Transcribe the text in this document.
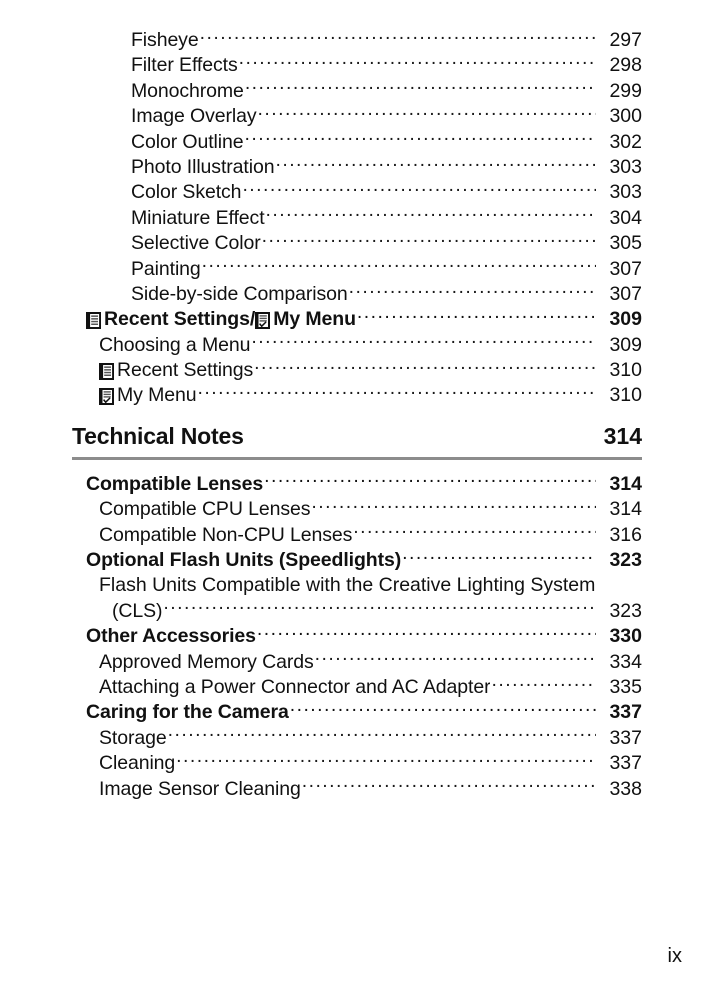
Fisheye .....	297
Filter Effects .....	298
Monochrome .....	299
Image Overlay .....	300
Color Outline .....	302
Photo Illustration .....	303
Color Sketch .....	303
Miniature Effect .....	304
Selective Color .....	305
Painting .....	307
Side-by-side Comparison .....	307
Recent Settings/ My Menu .....	309
Choosing a Menu .....	309
Recent Settings .....	310
My Menu .....	310
Technical Notes	314
Compatible Lenses .....	314
Compatible CPU Lenses .....	314
Compatible Non-CPU Lenses .....	316
Optional Flash Units (Speedlights) .....	323
Flash Units Compatible with the Creative Lighting System
(CLS) .....	323
Other Accessories .....	330
Approved Memory Cards .....	334
Attaching a Power Connector and AC Adapter .....	335
Caring for the Camera .....	337
Storage .....	337
Cleaning .....	337
Image Sensor Cleaning .....	338
ix
